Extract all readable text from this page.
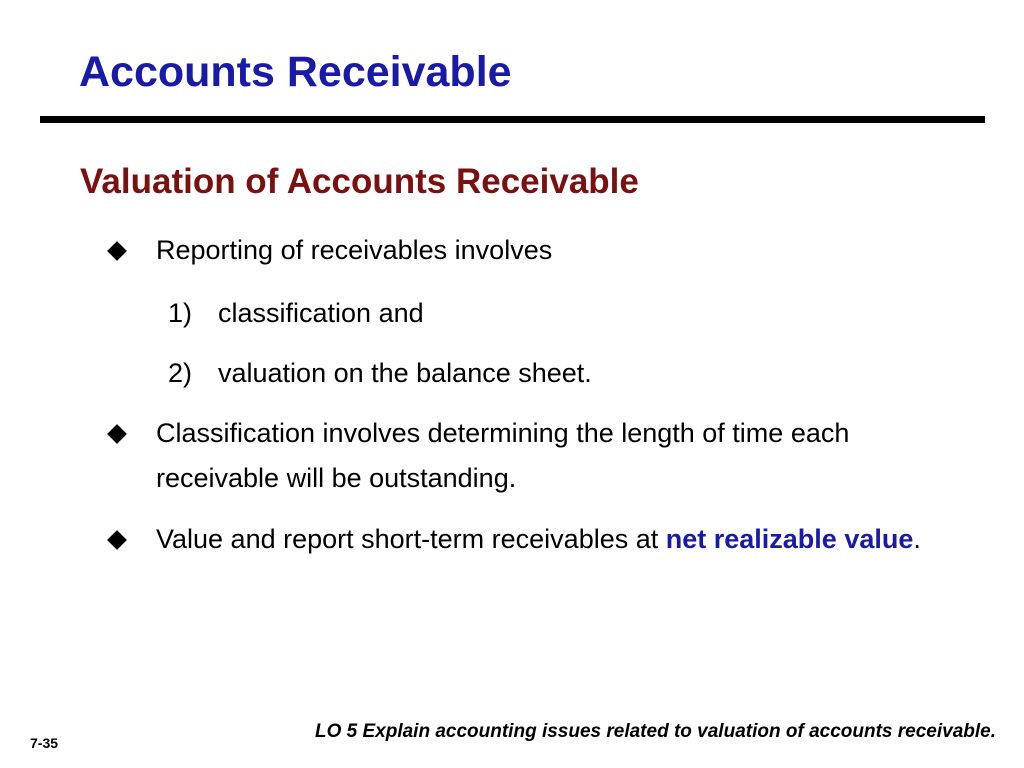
Accounts Receivable
Valuation of Accounts Receivable
Reporting of receivables involves
1) classification and
2) valuation on the balance sheet.
Classification involves determining the length of time each receivable will be outstanding.
Value and report short-term receivables at net realizable value.
LO 5 Explain accounting issues related to valuation of accounts receivable.
7-35
